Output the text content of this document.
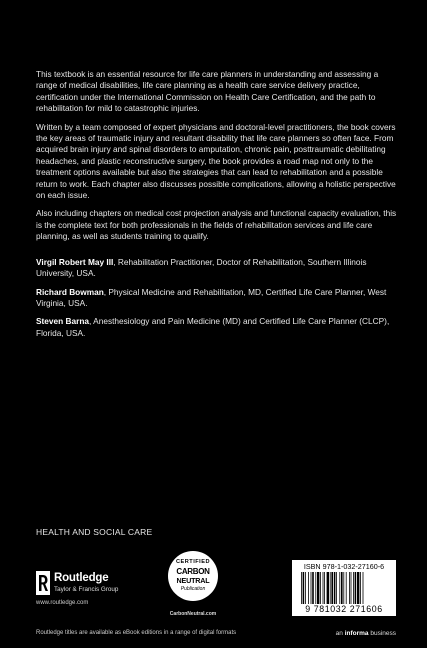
This textbook is an essential resource for life care planners in understanding and assessing a range of medical disabilities, life care planning as a health care service delivery practice, certification under the International Commission on Health Care Certification, and the path to rehabilitation for mild to catastrophic injuries.

Written by a team composed of expert physicians and doctoral-level practitioners, the book covers the key areas of traumatic injury and resultant disability that life care planners so often face. From acquired brain injury and spinal disorders to amputation, chronic pain, posttraumatic debilitating headaches, and plastic reconstructive surgery, the book provides a road map not only to the treatment options available but also the strategies that can lead to rehabilitation and a possible return to work. Each chapter also discusses possible complications, allowing a holistic perspective on each issue.

Also including chapters on medical cost projection analysis and functional capacity evaluation, this is the complete text for both professionals in the fields of rehabilitation services and life care planning, as well as students training to qualify.

Virgil Robert May III, Rehabilitation Practitioner, Doctor of Rehabilitation, Southern Illinois University, USA.

Richard Bowman, Physical Medicine and Rehabilitation, MD, Certified Life Care Planner, West Virginia, USA.

Steven Barna, Anesthesiology and Pain Medicine (MD) and Certified Life Care Planner (CLCP), Florida, USA.

HEALTH AND SOCIAL CARE
Routledge
Taylor & Francis Group
www.routledge.com
CERTIFIED
CARBON
NEUTRAL
Publication
CarbonNeutral.com
ISBN 978-1-032-27160-6
9 781032 271606
Routledge titles are available as eBook editions in a range of digital formats	an informa business
